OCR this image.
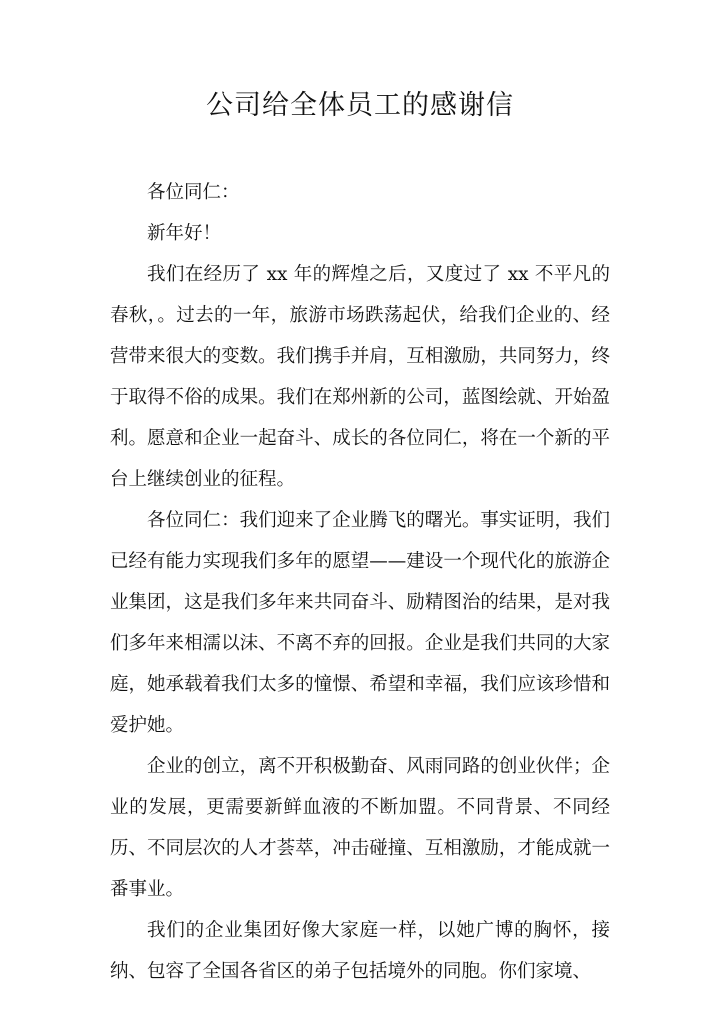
公司给全体员工的感谢信

各位同仁：

新年好！

我们在经历了 xx 年的辉煌之后，又度过了 xx 不平凡的春秋，。过去的一年，旅游市场跌荡起伏，给我们企业的、经营带来很大的变数。我们携手并肩，互相激励，共同努力，终于取得不俗的成果。我们在郑州新的公司，蓝图绘就、开始盈利。愿意和企业一起奋斗、成长的各位同仁，将在一个新的平台上继续创业的征程。

各位同仁：我们迎来了企业腾飞的曙光。事实证明，我们已经有能力实现我们多年的愿望——建设一个现代化的旅游企业集团，这是我们多年来共同奋斗、励精图治的结果，是对我们多年来相濡以沫、不离不弃的回报。企业是我们共同的大家庭，她承载着我们太多的憧憬、希望和幸福，我们应该珍惜和爱护她。

企业的创立，离不开积极勤奋、风雨同路的创业伙伴；企业的发展，更需要新鲜血液的不断加盟。不同背景、不同经历、不同层次的人才荟萃，冲击碰撞、互相激励，才能成就一番事业。

我们的企业集团好像大家庭一样，以她广博的胸怀，接纳、包容了全国各省区的弟子包括境外的同胞。你们家境、
